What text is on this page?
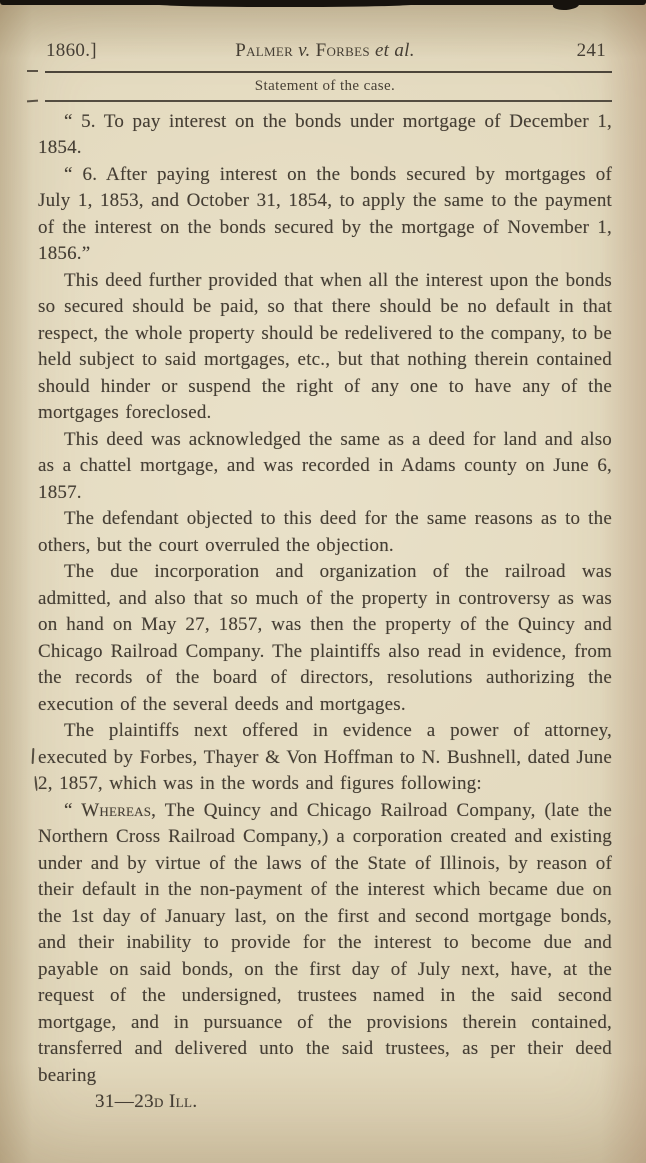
1860.]	Palmer v. Forbes et al.	241
Statement of the case.

“ 5. To pay interest on the bonds under mortgage of December 1, 1854.

“ 6. After paying interest on the bonds secured by mortgages of July 1, 1853, and October 31, 1854, to apply the same to the payment of the interest on the bonds secured by the mortgage of November 1, 1856.”

This deed further provided that when all the interest upon the bonds so secured should be paid, so that there should be no default in that respect, the whole property should be redelivered to the company, to be held subject to said mortgages, etc., but that nothing therein contained should hinder or suspend the right of any one to have any of the mortgages foreclosed.

This deed was acknowledged the same as a deed for land and also as a chattel mortgage, and was recorded in Adams county on June 6, 1857.

The defendant objected to this deed for the same reasons as to the others, but the court overruled the objection.

The due incorporation and organization of the railroad was admitted, and also that so much of the property in controversy as was on hand on May 27, 1857, was then the property of the Quincy and Chicago Railroad Company. The plaintiffs also read in evidence, from the records of the board of directors, resolutions authorizing the execution of the several deeds and mortgages.

The plaintiffs next offered in evidence a power of attorney, executed by Forbes, Thayer & Von Hoffman to N. Bushnell, dated June 2, 1857, which was in the words and figures following:

“ Whereas, The Quincy and Chicago Railroad Company, (late the Northern Cross Railroad Company,) a corporation created and existing under and by virtue of the laws of the State of Illinois, by reason of their default in the non-payment of the interest which became due on the 1st day of January last, on the first and second mortgage bonds, and their inability to provide for the interest to become due and payable on said bonds, on the first day of July next, have, at the request of the undersigned, trustees named in the said second mortgage, and in pursuance of the provisions therein contained, transferred and delivered unto the said trustees, as per their deed bearing

31—23d Ill.
